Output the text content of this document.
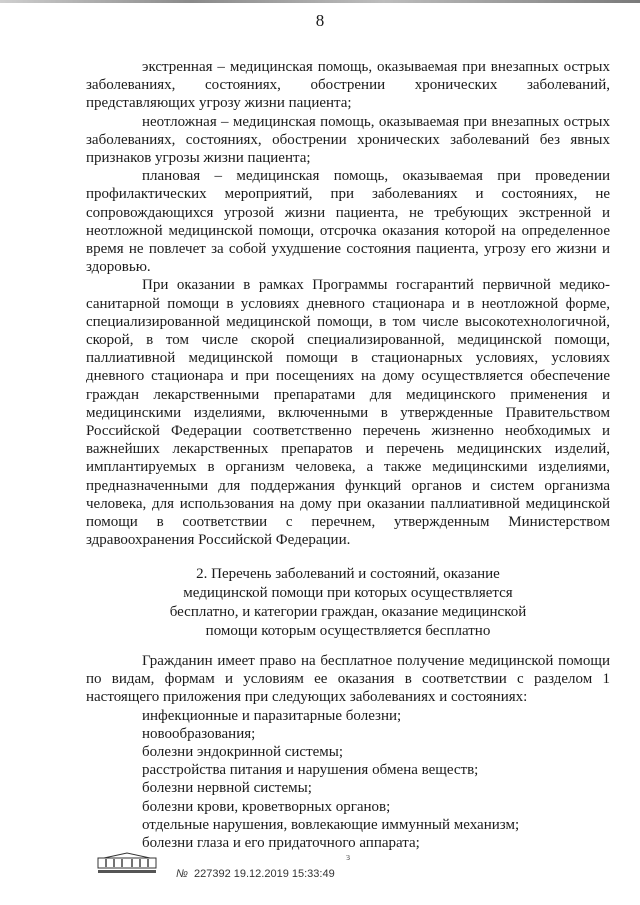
8

экстренная – медицинская помощь, оказываемая при внезапных острых заболеваниях, состояниях, обострении хронических заболеваний, представляющих угрозу жизни пациента;

неотложная – медицинская помощь, оказываемая при внезапных острых заболеваниях, состояниях, обострении хронических заболеваний без явных признаков угрозы жизни пациента;

плановая – медицинская помощь, оказываемая при проведении профилактических мероприятий, при заболеваниях и состояниях, не сопровождающихся угрозой жизни пациента, не требующих экстренной и неотложной медицинской помощи, отсрочка оказания которой на определенное время не повлечет за собой ухудшение состояния пациента, угрозу его жизни и здоровью.

При оказании в рамках Программы госгарантий первичной медико-санитарной помощи в условиях дневного стационара и в неотложной форме, специализированной медицинской помощи, в том числе высокотехнологичной, скорой, в том числе скорой специализированной, медицинской помощи, паллиативной медицинской помощи в стационарных условиях, условиях дневного стационара и при посещениях на дому осуществляется обеспечение граждан лекарственными препаратами для медицинского применения и медицинскими изделиями, включенными в утвержденные Правительством Российской Федерации соответственно перечень жизненно необходимых и важнейших лекарственных препаратов и перечень медицинских изделий, имплантируемых в организм человека, а также медицинскими изделиями, предназначенными для поддержания функций органов и систем организма человека, для использования на дому при оказании паллиативной медицинской помощи в соответствии с перечнем, утвержденным Министерством здравоохранения Российской Федерации.

2. Перечень заболеваний и состояний, оказание
медицинской помощи при которых осуществляется
бесплатно, и категории граждан, оказание медицинской
помощи которым осуществляется бесплатно

Гражданин имеет право на бесплатное получение медицинской помощи по видам, формам и условиям ее оказания в соответствии с разделом 1 настоящего приложения при следующих заболеваниях и состояниях:

инфекционные и паразитарные болезни;
новообразования;
болезни эндокринной системы;
расстройства питания и нарушения обмена веществ;
болезни нервной системы;
болезни крови, кроветворных органов;
отдельные нарушения, вовлекающие иммунный механизм;
болезни глаза и его придаточного аппарата;
№ 227392 19.12.2019 15:33:49
ɜ
